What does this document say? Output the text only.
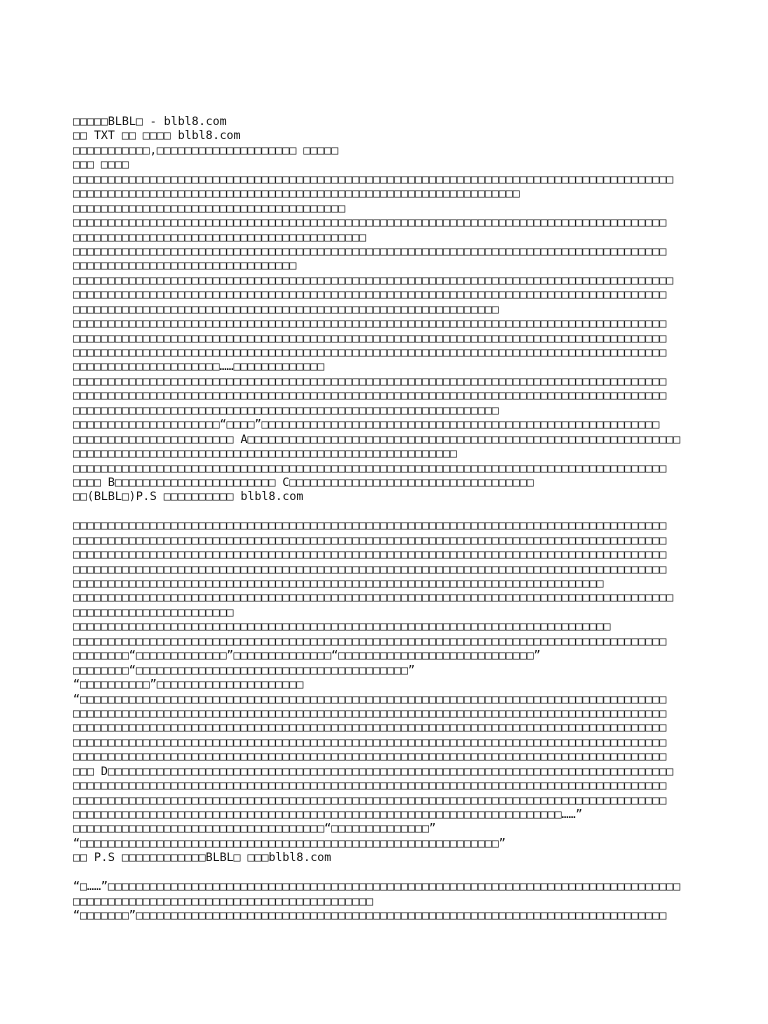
□□□□□BLBL□ - blbl8.com
□□ TXT □□ □□□□ blbl8.com
□□□□□□□□□□□,□□□□□□□□□□□□□□□□□□□□ □□□□□
□□□ □□□□
□□□□□□□□□□□□□□□□□□□□□□□□□□□□□□□□□□□□□□□□□□□□□□□□□□□□□□□□□□□□□□□□□□□□□□□□□□□□□□□□□□□□□□
□□□□□□□□□□□□□□□□□□□□□□□□□□□□□□□□□□□□□□□□□□□□□□□□□□□□□□□□□□□□□□□□
□□□□□□□□□□□□□□□□□□□□□□□□□□□□□□□□□□□□□□□
□□□□□□□□□□□□□□□□□□□□□□□□□□□□□□□□□□□□□□□□□□□□□□□□□□□□□□□□□□□□□□□□□□□□□□□□□□□□□□□□□□□□□
□□□□□□□□□□□□□□□□□□□□□□□□□□□□□□□□□□□□□□□□□□
□□□□□□□□□□□□□□□□□□□□□□□□□□□□□□□□□□□□□□□□□□□□□□□□□□□□□□□□□□□□□□□□□□□□□□□□□□□□□□□□□□□□□
□□□□□□□□□□□□□□□□□□□□□□□□□□□□□□□□
□□□□□□□□□□□□□□□□□□□□□□□□□□□□□□□□□□□□□□□□□□□□□□□□□□□□□□□□□□□□□□□□□□□□□□□□□□□□□□□□□□□□□□
□□□□□□□□□□□□□□□□□□□□□□□□□□□□□□□□□□□□□□□□□□□□□□□□□□□□□□□□□□□□□□□□□□□□□□□□□□□□□□□□□□□□□
□□□□□□□□□□□□□□□□□□□□□□□□□□□□□□□□□□□□□□□□□□□□□□□□□□□□□□□□□□□□□
□□□□□□□□□□□□□□□□□□□□□□□□□□□□□□□□□□□□□□□□□□□□□□□□□□□□□□□□□□□□□□□□□□□□□□□□□□□□□□□□□□□□□
□□□□□□□□□□□□□□□□□□□□□□□□□□□□□□□□□□□□□□□□□□□□□□□□□□□□□□□□□□□□□□□□□□□□□□□□□□□□□□□□□□□□□
□□□□□□□□□□□□□□□□□□□□□□□□□□□□□□□□□□□□□□□□□□□□□□□□□□□□□□□□□□□□□□□□□□□□□□□□□□□□□□□□□□□□□
□□□□□□□□□□□□□□□□□□□□□……□□□□□□□□□□□□□
□□□□□□□□□□□□□□□□□□□□□□□□□□□□□□□□□□□□□□□□□□□□□□□□□□□□□□□□□□□□□□□□□□□□□□□□□□□□□□□□□□□□□
□□□□□□□□□□□□□□□□□□□□□□□□□□□□□□□□□□□□□□□□□□□□□□□□□□□□□□□□□□□□□□□□□□□□□□□□□□□□□□□□□□□□□
□□□□□□□□□□□□□□□□□□□□□□□□□□□□□□□□□□□□□□□□□□□□□□□□□□□□□□□□□□□□□
□□□□□□□□□□□□□□□□□□□□□“□□□□”□□□□□□□□□□□□□□□□□□□□□□□□□□□□□□□□□□□□□□□□□□□□□□□□□□□□□□□□□
□□□□□□□□□□□□□□□□□□□□□□□ A□□□□□□□□□□□□□□□□□□□□□□□□□□□□□□□□□□□□□□□□□□□□□□□□□□□□□□□□□□□□□□
□□□□□□□□□□□□□□□□□□□□□□□□□□□□□□□□□□□□□□□□□□□□□□□□□□□□□□□
□□□□□□□□□□□□□□□□□□□□□□□□□□□□□□□□□□□□□□□□□□□□□□□□□□□□□□□□□□□□□□□□□□□□□□□□□□□□□□□□□□□□□
□□□□ B□□□□□□□□□□□□□□□□□□□□□□□ C□□□□□□□□□□□□□□□□□□□□□□□□□□□□□□□□□□□
□□(BLBL□)P.S □□□□□□□□□□ blbl8.com
□□□□□□□□□□□□□□□□□□□□□□□□□□□□□□□□□□□□□□□□□□□□□□□□□□□□□□□□□□□□□□□□□□□□□□□□□□□□□□□□□□□□□
□□□□□□□□□□□□□□□□□□□□□□□□□□□□□□□□□□□□□□□□□□□□□□□□□□□□□□□□□□□□□□□□□□□□□□□□□□□□□□□□□□□□□
□□□□□□□□□□□□□□□□□□□□□□□□□□□□□□□□□□□□□□□□□□□□□□□□□□□□□□□□□□□□□□□□□□□□□□□□□□□□□□□□□□□□□
□□□□□□□□□□□□□□□□□□□□□□□□□□□□□□□□□□□□□□□□□□□□□□□□□□□□□□□□□□□□□□□□□□□□□□□□□□□□□□□□□□□□□
□□□□□□□□□□□□□□□□□□□□□□□□□□□□□□□□□□□□□□□□□□□□□□□□□□□□□□□□□□□□□□□□□□□□□□□□□□□□
□□□□□□□□□□□□□□□□□□□□□□□□□□□□□□□□□□□□□□□□□□□□□□□□□□□□□□□□□□□□□□□□□□□□□□□□□□□□□□□□□□□□□□
□□□□□□□□□□□□□□□□□□□□□□□
□□□□□□□□□□□□□□□□□□□□□□□□□□□□□□□□□□□□□□□□□□□□□□□□□□□□□□□□□□□□□□□□□□□□□□□□□□□□□
□□□□□□□□□□□□□□□□□□□□□□□□□□□□□□□□□□□□□□□□□□□□□□□□□□□□□□□□□□□□□□□□□□□□□□□□□□□□□□□□□□□□□
□□□□□□□□“□□□□□□□□□□□□□”□□□□□□□□□□□□□□“□□□□□□□□□□□□□□□□□□□□□□□□□□□□”
□□□□□□□□“□□□□□□□□□□□□□□□□□□□□□□□□□□□□□□□□□□□□□□□”
“□□□□□□□□□□”□□□□□□□□□□□□□□□□□□□□□
“□□□□□□□□□□□□□□□□□□□□□□□□□□□□□□□□□□□□□□□□□□□□□□□□□□□□□□□□□□□□□□□□□□□□□□□□□□□□□□□□□□□□
□□□□□□□□□□□□□□□□□□□□□□□□□□□□□□□□□□□□□□□□□□□□□□□□□□□□□□□□□□□□□□□□□□□□□□□□□□□□□□□□□□□□□
□□□□□□□□□□□□□□□□□□□□□□□□□□□□□□□□□□□□□□□□□□□□□□□□□□□□□□□□□□□□□□□□□□□□□□□□□□□□□□□□□□□□□
□□□□□□□□□□□□□□□□□□□□□□□□□□□□□□□□□□□□□□□□□□□□□□□□□□□□□□□□□□□□□□□□□□□□□□□□□□□□□□□□□□□□□
□□□□□□□□□□□□□□□□□□□□□□□□□□□□□□□□□□□□□□□□□□□□□□□□□□□□□□□□□□□□□□□□□□□□□□□□□□□□□□□□□□□□□
□□□ D□□□□□□□□□□□□□□□□□□□□□□□□□□□□□□□□□□□□□□□□□□□□□□□□□□□□□□□□□□□□□□□□□□□□□□□□□□□□□□□□□
□□□□□□□□□□□□□□□□□□□□□□□□□□□□□□□□□□□□□□□□□□□□□□□□□□□□□□□□□□□□□□□□□□□□□□□□□□□□□□□□□□□□□
□□□□□□□□□□□□□□□□□□□□□□□□□□□□□□□□□□□□□□□□□□□□□□□□□□□□□□□□□□□□□□□□□□□□□□□□□□□□□□□□□□□□□
□□□□□□□□□□□□□□□□□□□□□□□□□□□□□□□□□□□□□□□□□□□□□□□□□□□□□□□□□□□□□□□□□□□□□□……”
□□□□□□□□□□□□□□□□□□□□□□□□□□□□□□□□□□□□“□□□□□□□□□□□□□□”
“□□□□□□□□□□□□□□□□□□□□□□□□□□□□□□□□□□□□□□□□□□□□□□□□□□□□□□□□□□□□”
□□ P.S □□□□□□□□□□□□BLBL□ □□□blbl8.com
“□……”□□□□□□□□□□□□□□□□□□□□□□□□□□□□□□□□□□□□□□□□□□□□□□□□□□□□□□□□□□□□□□□□□□□□□□□□□□□□□□□□□□
□□□□□□□□□□□□□□□□□□□□□□□□□□□□□□□□□□□□□□□□□□□
“□□□□□□□”□□□□□□□□□□□□□□□□□□□□□□□□□□□□□□□□□□□□□□□□□□□□□□□□□□□□□□□□□□□□□□□□□□□□□□□□□□□□
